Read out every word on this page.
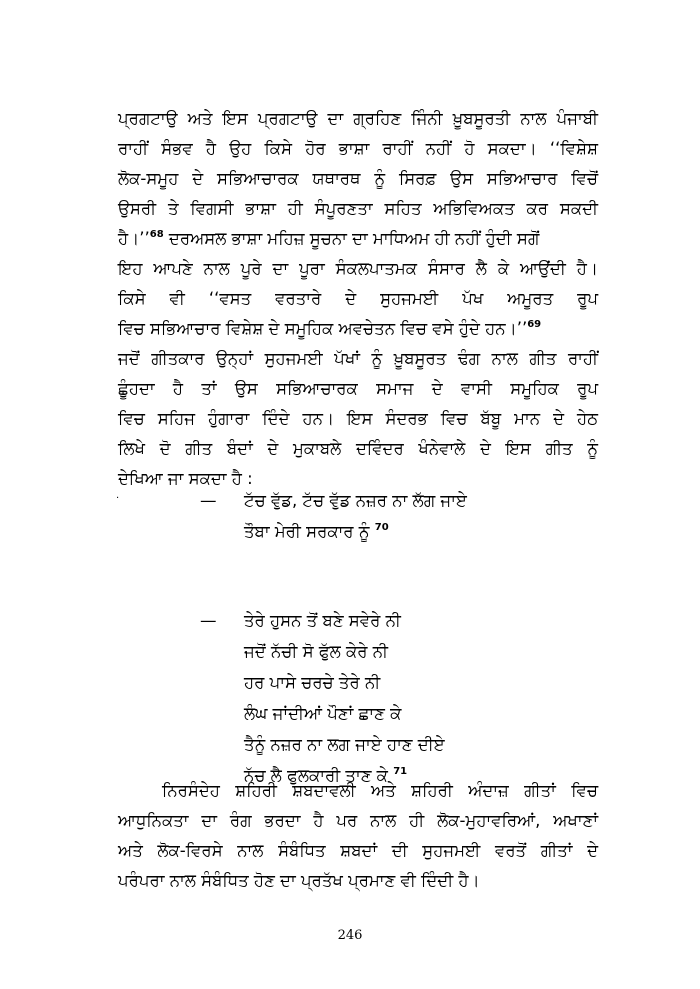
ਪ੍ਰਗਟਾਉ ਅਤੇ ਇਸ ਪ੍ਰਗਟਾਉ ਦਾ ਗ੍ਰਹਿਣ ਜਿੰਨੀ ਖ਼ੂਬਸੂਰਤੀ ਨਾਲ ਪੰਜਾਬੀ
ਰਾਹੀਂ ਸੰਭਵ ਹੈ ਉਹ ਕਿਸੇ ਹੋਰ ਭਾਸ਼ਾ ਰਾਹੀਂ ਨਹੀਂ ਹੋ ਸਕਦਾ। ‘‘ਵਿਸ਼ੇਸ਼
ਲੋਕ-ਸਮੂਹ ਦੇ ਸਭਿਆਚਾਰਕ ਯਥਾਰਥ ਨੂੰ ਸਿਰਫ਼ ਉਸ ਸਭਿਆਚਾਰ ਵਿਚੋਂ
ਉਸਰੀ ਤੇ ਵਿਗਸੀ ਭਾਸ਼ਾ ਹੀ ਸੰਪੂਰਣਤਾ ਸਹਿਤ ਅਭਿਵਿਅਕਤ ਕਰ ਸਕਦੀ
ਹੈ।’’$^{68}$ ਦਰਅਸਲ ਭਾਸ਼ਾ ਮਹਿਜ਼ ਸੂਚਨਾ ਦਾ ਮਾਧਿਅਮ ਹੀ ਨਹੀਂ ਹੁੰਦੀ ਸਗੋਂ
ਇਹ ਆਪਣੇ ਨਾਲ ਪੂਰੇ ਦਾ ਪੂਰਾ ਸੰਕਲਪਾਤਮਕ ਸੰਸਾਰ ਲੈ ਕੇ ਆਉਂਦੀ ਹੈ।
ਕਿਸੇ ਵੀ ‘‘ਵਸਤ ਵਰਤਾਰੇ ਦੇ ਸੁਹਜਮਈ ਪੱਖ ਅਮੂਰਤ ਰੂਪ
ਵਿਚ ਸਭਿਆਚਾਰ ਵਿਸ਼ੇਸ਼ ਦੇ ਸਮੂਹਿਕ ਅਵਚੇਤਨ ਵਿਚ ਵਸੇ ਹੁੰਦੇ ਹਨ।’’$^{69}$
ਜਦੋਂ ਗੀਤਕਾਰ ਉਨ੍ਹਾਂ ਸੁਹਜਮਈ ਪੱਖਾਂ ਨੂੰ ਖ਼ੂਬਸੂਰਤ ਢੰਗ ਨਾਲ ਗੀਤ ਰਾਹੀਂ
ਛੂੰਹਦਾ ਹੈ ਤਾਂ ਉਸ ਸਭਿਆਚਾਰਕ ਸਮਾਜ ਦੇ ਵਾਸੀ ਸਮੂਹਿਕ ਰੂਪ
ਵਿਚ ਸਹਿਜ ਹੁੰਗਾਰਾ ਦਿੰਦੇ ਹਨ। ਇਸ ਸੰਦਰਭ ਵਿਚ ਬੱਬੂ ਮਾਨ ਦੇ ਹੇਠ
ਲਿਖੇ ਦੋ ਗੀਤ ਬੰਦਾਂ ਦੇ ਮੁਕਾਬਲੇ ਦਵਿੰਦਰ ਖੰਨੇਵਾਲੇ ਦੇ ਇਸ ਗੀਤ ਨੂੰ
ਦੇਖਿਆ ਜਾ ਸਕਦਾ ਹੈ :
.	— ਟੱਚ ਵੁੱਡ, ਟੱਚ ਵੁੱਡ ਨਜ਼ਰ ਨਾ ਲੱਗ ਜਾਏ
ਤੌਬਾ ਮੇਰੀ ਸਰਕਾਰ ਨੂੰ $^{70}$
— ਤੇਰੇ ਹੁਸਨ ਤੋਂ ਬਣੇ ਸਵੇਰੇ ਨੀ
ਜਦੋਂ ਨੱਚੀ ਸੋ ਫੁੱਲ ਕੇਰੇ ਨੀ
ਹਰ ਪਾਸੇ ਚਰਚੇ ਤੇਰੇ ਨੀ
ਲੰਘ ਜਾਂਦੀਆਂ ਪੌਣਾਂ ਛਾਣ ਕੇ
ਤੈਨੂੰ ਨਜ਼ਰ ਨਾ ਲਗ ਜਾਏ ਹਾਣ ਦੀਏ
ਨੱਚ ਲੈ ਫੁਲਕਾਰੀ ਤਾਣ ਕੇ $^{71}$
ਨਿਰਸੰਦੇਹ ਸ਼ਹਿਰੀ ਸ਼ਬਦਾਵਲੀ ਅਤੇ ਸ਼ਹਿਰੀ ਅੰਦਾਜ਼ ਗੀਤਾਂ ਵਿਚ
ਆਧੁਨਿਕਤਾ ਦਾ ਰੰਗ ਭਰਦਾ ਹੈ ਪਰ ਨਾਲ ਹੀ ਲੋਕ-ਮੁਹਾਵਰਿਆਂ, ਅਖਾਣਾਂ
ਅਤੇ ਲੋਕ-ਵਿਰਸੇ ਨਾਲ ਸੰਬੰਧਿਤ ਸ਼ਬਦਾਂ ਦੀ ਸੁਹਜਮਈ ਵਰਤੋਂ ਗੀਤਾਂ ਦੇ
ਪਰੰਪਰਾ ਨਾਲ ਸੰਬੰਧਿਤ ਹੋਣ ਦਾ ਪ੍ਰਤੱਖ ਪ੍ਰਮਾਣ ਵੀ ਦਿੰਦੀ ਹੈ।
246
